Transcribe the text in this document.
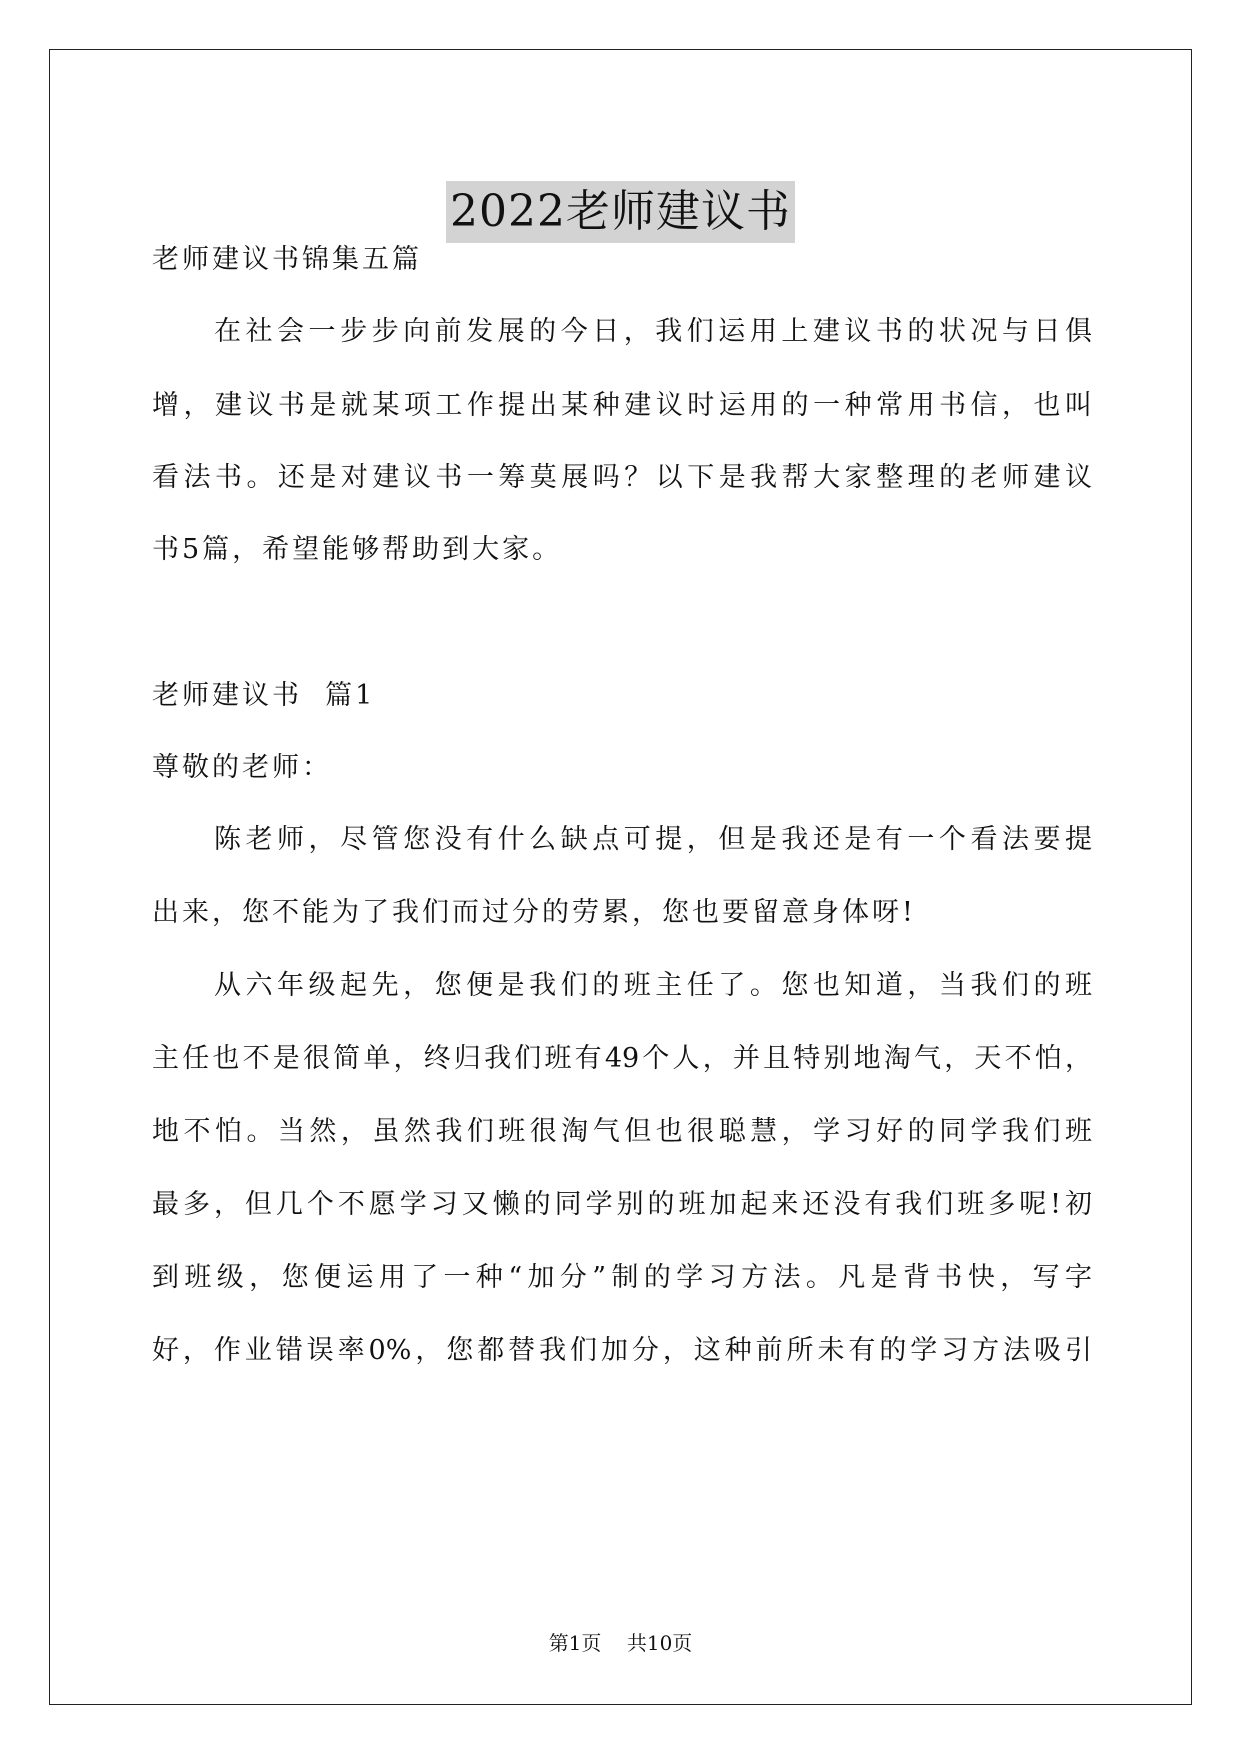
2022老师建议书
老师建议书锦集五篇
在社会一步步向前发展的今日，我们运用上建议书的状况与日俱
增，建议书是就某项工作提出某种建议时运用的一种常用书信，也叫
看法书。还是对建议书一筹莫展吗？以下是我帮大家整理的老师建议
书5篇，希望能够帮助到大家。
老师建议书  篇1
尊敬的老师：
陈老师，尽管您没有什么缺点可提，但是我还是有一个看法要提
出来，您不能为了我们而过分的劳累，您也要留意身体呀!
从六年级起先，您便是我们的班主任了。您也知道，当我们的班
主任也不是很简单，终归我们班有49个人，并且特别地淘气，天不怕，
地不怕。当然，虽然我们班很淘气但也很聪慧，学习好的同学我们班
最多，但几个不愿学习又懒的同学别的班加起来还没有我们班多呢!初
到班级，您便运用了一种“加分”制的学习方法。凡是背书快，写字
好，作业错误率0%，您都替我们加分，这种前所未有的学习方法吸引
第1页    共10页
